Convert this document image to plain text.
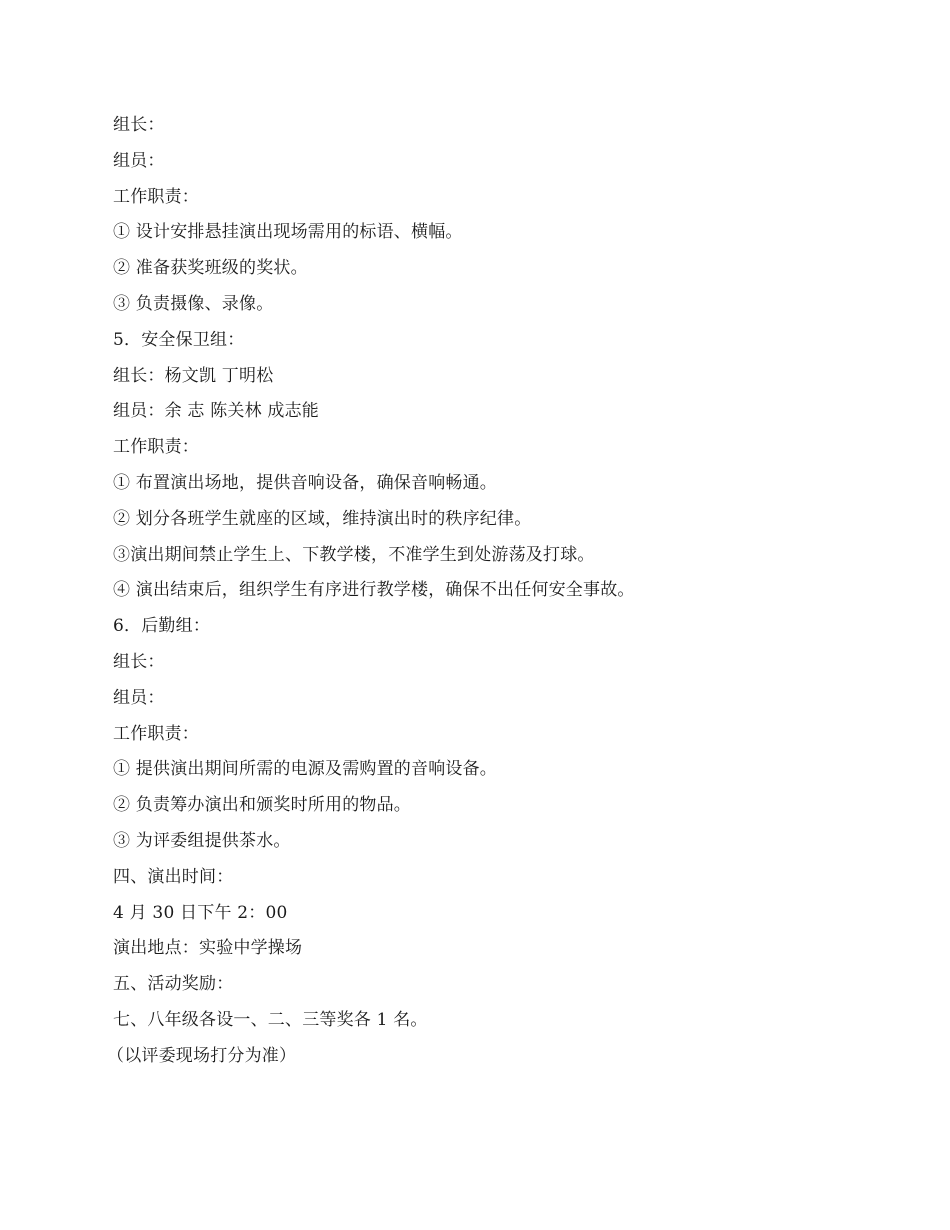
组长：
组员：
工作职责：
① 设计安排悬挂演出现场需用的标语、横幅。
② 准备获奖班级的奖状。
③ 负责摄像、录像。
5．安全保卫组：
组长：杨文凯 丁明松
组员：余 志 陈关林 成志能
工作职责：
① 布置演出场地，提供音响设备，确保音响畅通。
② 划分各班学生就座的区域，维持演出时的秩序纪律。
③演出期间禁止学生上、下教学楼，不准学生到处游荡及打球。
④ 演出结束后，组织学生有序进行教学楼，确保不出任何安全事故。
6．后勤组：
组长：
组员：
工作职责：
① 提供演出期间所需的电源及需购置的音响设备。
② 负责筹办演出和颁奖时所用的物品。
③ 为评委组提供茶水。
四、演出时间：
4 月 30 日下午 2：00
演出地点：实验中学操场
五、活动奖励：
七、八年级各设一、二、三等奖各 1 名。
（以评委现场打分为准）
